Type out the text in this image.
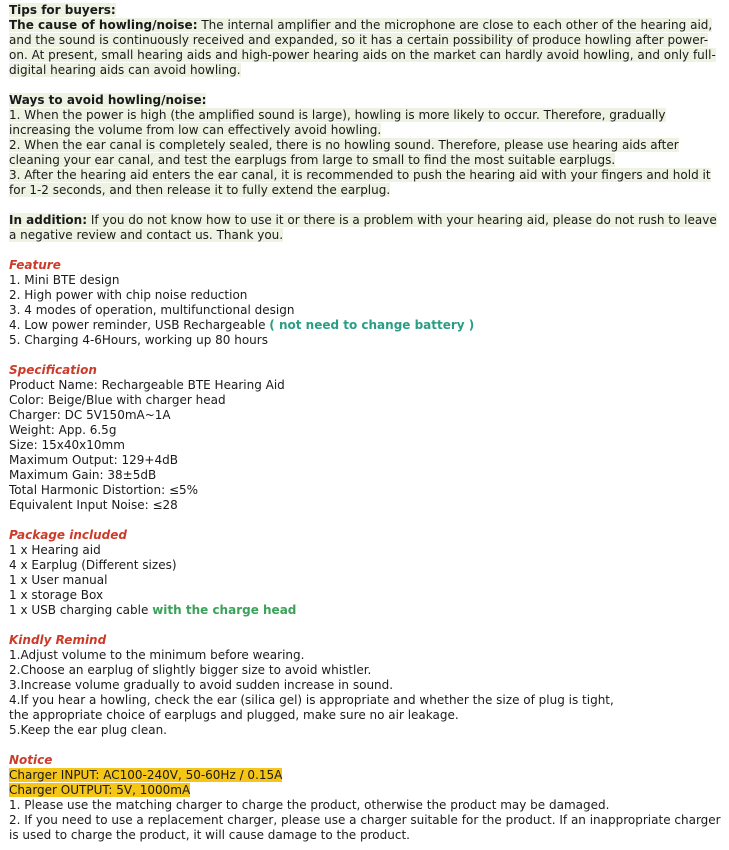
Tips for buyers:
The cause of howling/noise: The internal amplifier and the microphone are close to each other of the hearing aid, and the sound is continuously received and expanded, so it has a certain possibility of produce howling after power-on. At present, small hearing aids and high-power hearing aids on the market can hardly avoid howling, and only full-digital hearing aids can avoid howling.
Ways to avoid howling/noise:
1. When the power is high (the amplified sound is large), howling is more likely to occur. Therefore, gradually increasing the volume from low can effectively avoid howling.
2. When the ear canal is completely sealed, there is no howling sound. Therefore, please use hearing aids after cleaning your ear canal, and test the earplugs from large to small to find the most suitable earplugs.
3. After the hearing aid enters the ear canal, it is recommended to push the hearing aid with your fingers and hold it for 1-2 seconds, and then release it to fully extend the earplug.
In addition: If you do not know how to use it or there is a problem with your hearing aid, please do not rush to leave a negative review and contact us. Thank you.
Feature
1. Mini BTE design
2. High power with chip noise reduction
3. 4 modes of operation, multifunctional design
4. Low power reminder, USB Rechargeable ( not need to change battery )
5. Charging 4-6Hours, working up 80 hours
Specification
Product Name: Rechargeable BTE Hearing Aid
Color: Beige/Blue with charger head
Charger: DC 5V150mA~1A
Weight: App. 6.5g
Size: 15x40x10mm
Maximum Output: 129+4dB
Maximum Gain: 38±5dB
Total Harmonic Distortion: ≤5%
Equivalent Input Noise: ≤28
Package included
1 x Hearing aid
4 x Earplug (Different sizes)
1 x User manual
1 x storage Box
1 x USB charging cable with the charge head
Kindly Remind
1.Adjust volume to the minimum before wearing.
2.Choose an earplug of slightly bigger size to avoid whistler.
3.Increase volume gradually to avoid sudden increase in sound.
4.If you hear a howling, check the ear (silica gel) is appropriate and whether the size of plug is tight,
the appropriate choice of earplugs and plugged, make sure no air leakage.
5.Keep the ear plug clean.
Notice
Charger INPUT: AC100-240V, 50-60Hz / 0.15A
Charger OUTPUT: 5V, 1000mA
1. Please use the matching charger to charge the product, otherwise the product may be damaged.
2. If you need to use a replacement charger, please use a charger suitable for the product. If an inappropriate charger is used to charge the product, it will cause damage to the product.
